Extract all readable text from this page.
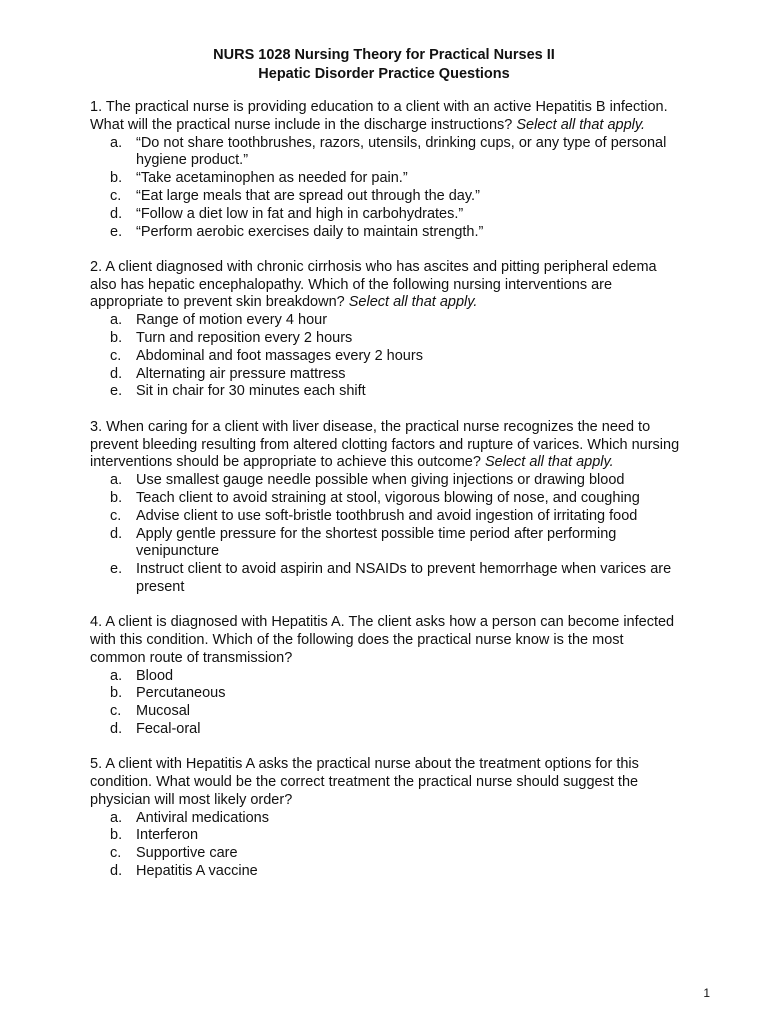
NURS 1028 Nursing Theory for Practical Nurses II
Hepatic Disorder Practice Questions

1. The practical nurse is providing education to a client with an active Hepatitis B infection. What will the practical nurse include in the discharge instructions? Select all that apply.

a. “Do not share toothbrushes, razors, utensils, drinking cups, or any type of personal hygiene product.”
b. “Take acetaminophen as needed for pain.”
c.	“Eat large meals that are spread out through the day.”
d. “Follow a diet low in fat and high in carbohydrates.”
e. “Perform aerobic exercises daily to maintain strength.”

2. A client diagnosed with chronic cirrhosis who has ascites and pitting peripheral edema also has hepatic encephalopathy. Which of the following nursing interventions are appropriate to prevent skin breakdown? Select all that apply.

a. Range of motion every 4 hour
b. Turn and reposition every 2 hours
c.	Abdominal and foot massages every 2 hours
d. Alternating air pressure mattress
e. Sit in chair for 30 minutes each shift

3. When caring for a client with liver disease, the practical nurse recognizes the need to prevent bleeding resulting from altered clotting factors and rupture of varices. Which nursing interventions should be appropriate to achieve this outcome? Select all that apply.

a. Use smallest gauge needle possible when giving injections or drawing blood
b. Teach client to avoid straining at stool, vigorous blowing of nose, and coughing
c.	Advise client to use soft-bristle toothbrush and avoid ingestion of irritating food
d. Apply gentle pressure for the shortest possible time period after performing venipuncture
e. Instruct client to avoid aspirin and NSAIDs to prevent hemorrhage when varices are present

4. A client is diagnosed with Hepatitis A. The client asks how a person can become infected with this condition. Which of the following does the practical nurse know is the most common route of transmission?

a. Blood
b. Percutaneous
c.	Mucosal
d. Fecal-oral

5. A client with Hepatitis A asks the practical nurse about the treatment options for this condition. What would be the correct treatment the practical nurse should suggest the physician will most likely order?

a. Antiviral medications
b. Interferon
c.	Supportive care
d. Hepatitis A vaccine
1
